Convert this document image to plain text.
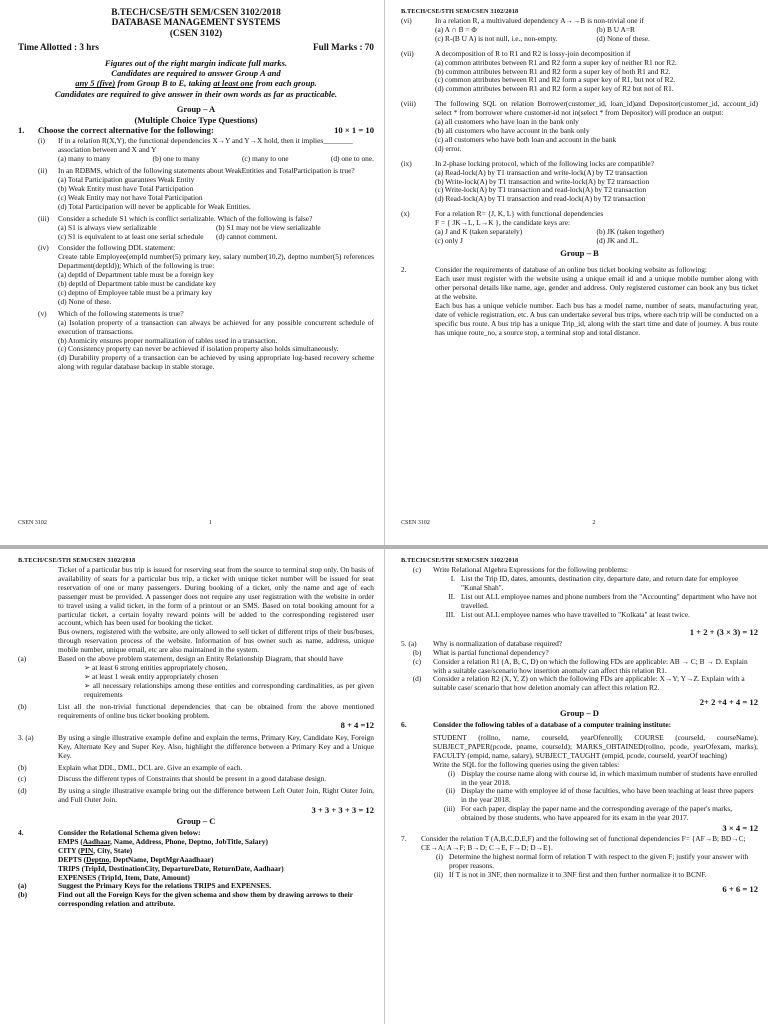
B.TECH/CSE/5TH SEM/CSEN 3102/2018
DATABASE MANAGEMENT SYSTEMS
(CSEN 3102)
Time Allotted : 3 hrs	Full Marks : 70
Figures out of the right margin indicate full marks.
Candidates are required to answer Group A and
any 5 (five) from Group B to E, taking at least one from each group.
Candidates are required to give answer in their own words as far as practicable.
Group – A
(Multiple Choice Type Questions)
1.	Choose the correct alternative for the following:	10 × 1 = 10
(i)	If in a relation R(X,Y), the functional dependencies X→Y and Y→X hold, then it implies________ association between and X and Y
(a) many to many	(b) one to many	(c) many to one	(d) one to one.
(ii)	In an RDBMS, which of the following statements about WeakEntities and TotalParticipation is true?
(a) Total Participation guarantees Weak Entity
(b) Weak Entity must have Total Participation
(c) Weak Entity may not have Total Participation
(d) Total Participation will never be applicable for Weak Entities.
(iii)	Consider a schedule S1 which is conflict serializable. Which of the following is false?
(a) S1 is always view serializable	(b) S1 may not be view serializable
(c) S1 is equivalent to at least one serial schedule	(d) cannot comment.
(iv)	Consider the following DDL statement:
Create table Employee(empId number(5) primary key, salary number(10,2), deptno number(5) references Department(deptId)); Which of the following is true:
(a) deptId of Department table must be a foreign key
(b) deptId of Department table must be candidate key
(c) deptno of Employee table must be a primary key
(d) None of these.
(v)	Which of the following statements is true?
(a) Isolation property of a transaction can always be achieved for any possible concurrent schedule of execution of transactions.
(b) Atomicity ensures proper normalization of tables used in a transaction.
(c) Consistency property can never be achieved if isolation property also holds simultaneously.
(d) Durability property of a transaction can be achieved by using appropriate log-based recovery scheme along with regular database backup in stable storage.
CSEN 3102	1
B.TECH/CSE/5TH SEM/CSEN 3102/2018
(vi)	In a relation R, a multivalued dependency A→→B is non-trivial one if
(a) A ∩ B = Φ	(b) B U A=R
(c) R-(B U A) is not null, i.e., non-empty.	(d) None of these.
(vii)	A decomposition of R to R1 and R2 is lossy-join decomposition if
(a) common attributes between R1 and R2 form a super key of neither R1 nor R2.
(b) common attributes between R1 and R2 form a super key of both R1 and R2.
(c) common attributes between R1 and R2 form a super key of R1, but not of R2.
(d) common attributes between R1 and R2 form a super key of R2 but not of R1.
(viii)	The following SQL on relation Borrower(customer_id, loan_id)and Depositor(customer_id, account_id) select * from borrower where customer-id not in(select * from Depositor) will produce an output:
(a) all customers who have loan in the bank only
(b) all customers who have account in the bank only
(c) all customers who have both loan and account in the bank
(d) error.
(ix)	In 2-phase locking protocol, which of the following locks are compatible?
(a) Read-lock(A) by T1 transaction and write-lock(A) by T2 transaction
(b) Write-lock(A) by T1 transaction and write-lock(A) by T2 transaction
(c) Write-lock(A) by T1 transaction and read-lock(A) by T2 transaction
(d) Read-lock(A) by T1 transaction and read-lock(A) by T2 transaction
(x)	For a relation R= {J, K, L} with functional dependencies
F = { JK→L, L→K }, the candidate keys are:
(a) J and K (taken separately)	(b) JK (taken together)
(c) only J	(d) JK and JL.
Group – B
2.	Consider the requirements of database of an online bus ticket booking website as following:
Each user must register with the website using a unique email id and a unique mobile number along with other personal details like name, age, gender and address. Only registered customer can book any bus ticket at the website.
Each bus has a unique vehicle number. Each bus has a model name, number of seats, manufacturing year, date of vehicle registration, etc. A bus can undertake several bus trips, where each trip will be conducted on a specific bus route. A bus trip has a unique Trip_id, along with the start time and date of journey. A bus route has unique route_no, a source stop, a terminal stop and total distance.
CSEN 3102	2
B.TECH/CSE/5TH SEM/CSEN 3102/2018
Ticket of a particular bus trip is issued for reserving seat from the source to terminal stop only. On basis of availability of seats for a particular bus trip, a ticket with unique ticket number will be issued for seat reservation of one or many passengers. During booking of a ticket, only the name and age of each passenger must be provided. A passenger does not require any user registration with the website in order to travel using a valid ticket, in the form of a printout or an SMS. Based on total booking amount for a particular ticket, a certain loyalty reward points will be added to the corresponding registered user account, which has been used for booking the ticket.
Bus owners, registered with the website, are only allowed to sell ticket of different trips of their bus/buses, through reservation process of the website. Information of bus owner such as name, address, unique mobile number, unique email, etc are also maintained in the system.
(a)	Based on the above problem statement, design an Entity Relationship Diagram, that should have
➢ at least 6 strong entities appropriately chosen,
➢ at least 1 weak entity appropriately chosen
➢ all necessary relationships among these entities and corresponding cardinalities, as per given requirements
(b)	List all the non-trivial functional dependencies that can be obtained from the above mentioned requirements of online bus ticket booking problem.
8 + 4 =12
3. (a)	By using a single illustrative example define and explain the terms, Primary Key, Candidate Key, Foreign Key, Alternate Key and Super Key. Also, highlight the difference between a Primary Key and a Unique Key.
(b)	Explain what DDL, DML, DCL are. Give an example of each.
(c)	Discuss the different types of Constraints that should be present in a good database design.
(d)	By using a single illustrative example bring out the difference between Left Outer Join, Right Outer Join, and Full Outer Join.
3 + 3 + 3 + 3 = 12
Group – C
4.	Consider the Relational Schema given below:
EMPS (Aadhaar, Name, Address, Phone, Deptno, JobTitle, Salary)
CITY (PIN, City, State)
DEPTS (Deptno, DeptName, DeptMgrAaadhaar)
TRIPS (TripId, DestinationCity, DepartureDate, ReturnDate, Aadhaar)
EXPENSES (TripId, Item, Date, Amount)
(a)	Suggest the Primary Keys for the relations TRIPS and EXPENSES.
(b)	Find out all the Foreign Keys for the given schema and show them by drawing arrows to their corresponding relation and attribute.
B.TECH/CSE/5TH SEM/CSEN 3102/2018
(c)	Write Relational Algebra Expressions for the following problems:
I. List the Trip ID, dates, amounts, destination city, departure date, and return date for employee "Kunal Shah".
II. List out ALL employee names and phone numbers from the "Accounting" department who have not travelled.
III. List out ALL employee names who have travelled to "Kolkata" at least twice.
1 + 2 + (3 × 3) = 12
5. (a)	Why is normalization of database required?
(b)	What is partial functional dependency?
(c)	Consider a relation R1 (A, B, C, D) on which the following FDs are applicable: AB → C; B → D. Explain with a suitable case/scenario how insertion anomaly can affect this relation R1.
(d)	Consider a relation R2 (X, Y, Z) on which the following FDs are applicable: X→Y; Y→Z. Explain with a suitable case/ scenario that how deletion anomaly can affect this relation R2.
2+ 2 +4 + 4 = 12
Group – D
6.	Consider the following tables of a database of a computer training institute:
STUDENT (rollno, name, courseId, yearOfenroll); COURSE (courseId, courseName), SUBJECT_PAPER(pcode, pname, courseId); MARKS_OBTAINED(rollno, pcode, yearOfexam, marks), FACULTY (empid, name, salary), SUBJECT_TAUGHT (empid, pcode, courseId, yearOf teaching)
Write the SQL for the following queries using the given tables:
(i) Display the course name along with course id, in which maximum number of students have enrolled in the year 2018.
(ii) Display the name with employee id of those faculties, who have been teaching at least three papers in the year 2018.
(iii) For each paper, display the paper name and the corresponding average of the paper's marks, obtained by those students, who have appeared for its exam in the year 2017.
3 × 4 = 12
7.	Consider the relation T (A,B,C,D,E,F) and the following set of functional dependencies F= {AF→B; BD→C; CE→A; A→F; B→D; C→E, F→D; D→E}.
(i) Determine the highest normal form of relation T with respect to the given F; justify your answer with proper reasons.
(ii) If T is not in 3NF, then normalize it to 3NF first and then further normalize it to BCNF.
6 + 6 = 12
